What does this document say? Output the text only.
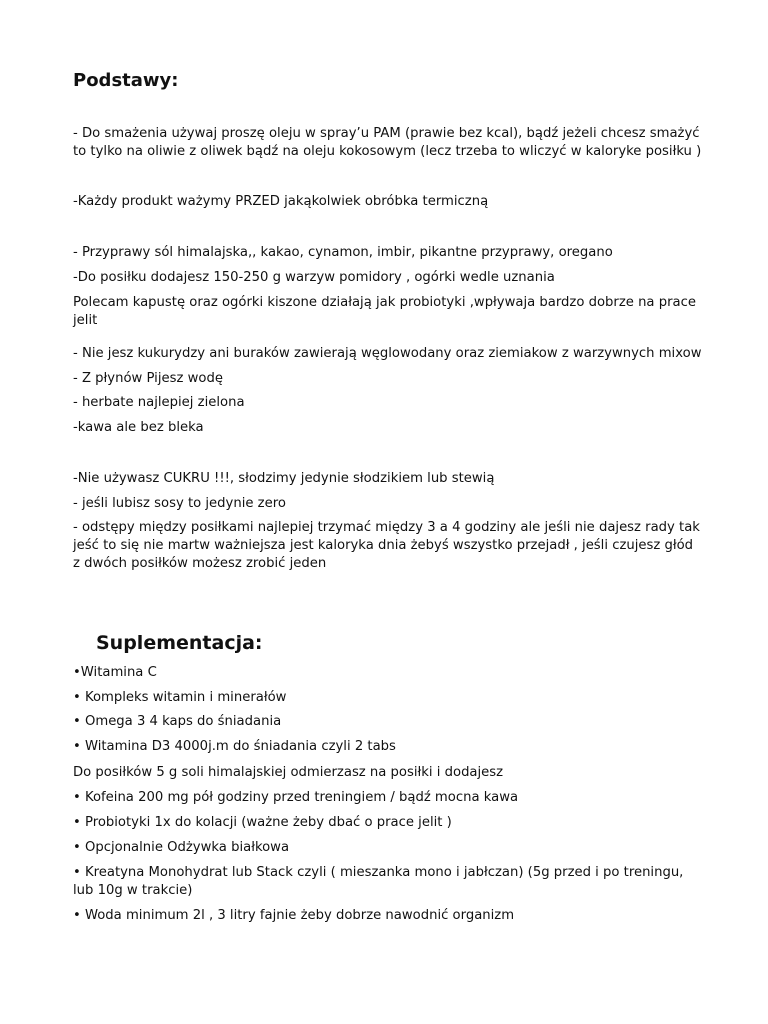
Podstawy:

- Do smażenia używaj proszę oleju w spray’u PAM (prawie bez kcal), bądź jeżeli chcesz smażyć to tylko na oliwie z oliwek bądź na oleju kokosowym (lecz trzeba to wliczyć w kaloryke posiłku )

-Każdy produkt ważymy PRZED jakąkolwiek obróbka termiczną

- Przyprawy sól himalajska,, kakao, cynamon, imbir, pikantne przyprawy, oregano

-Do posiłku dodajesz 150-250 g warzyw pomidory , ogórki wedle uznania

Polecam kapustę oraz ogórki kiszone działają jak probiotyki ,wpływaja bardzo dobrze na prace jelit

- Nie jesz kukurydzy ani buraków zawierają węglowodany oraz ziemiakow z warzywnych mixow

- Z płynów Pijesz wodę

- herbate najlepiej zielona

-kawa ale bez bleka

-Nie używasz CUKRU !!!, słodzimy jedynie słodzikiem lub stewią

- jeśli lubisz sosy to jedynie zero

- odstępy między posiłkami najlepiej trzymać między 3 a 4 godziny ale jeśli nie dajesz rady tak jeść to się nie martw ważniejsza jest kaloryka dnia żebyś wszystko przejadł , jeśli czujesz głód z dwóch posiłków możesz zrobić jeden

Suplementacja:

•Witamina C

• Kompleks witamin i minerałów

• Omega 3 4 kaps do śniadania

• Witamina D3 4000j.m do śniadania czyli 2 tabs

Do posiłków 5 g soli himalajskiej odmierzasz na posiłki i dodajesz

• Kofeina 200 mg pół godziny przed treningiem / bądź mocna kawa

• Probiotyki 1x do kolacji (ważne żeby dbać o prace jelit )

• Opcjonalnie Odżywka białkowa

• Kreatyna Monohydrat lub Stack czyli ( mieszanka mono i jabłczan) (5g przed i po treningu, lub 10g w trakcie)

• Woda minimum 2l , 3 litry fajnie żeby dobrze nawodnić organizm
